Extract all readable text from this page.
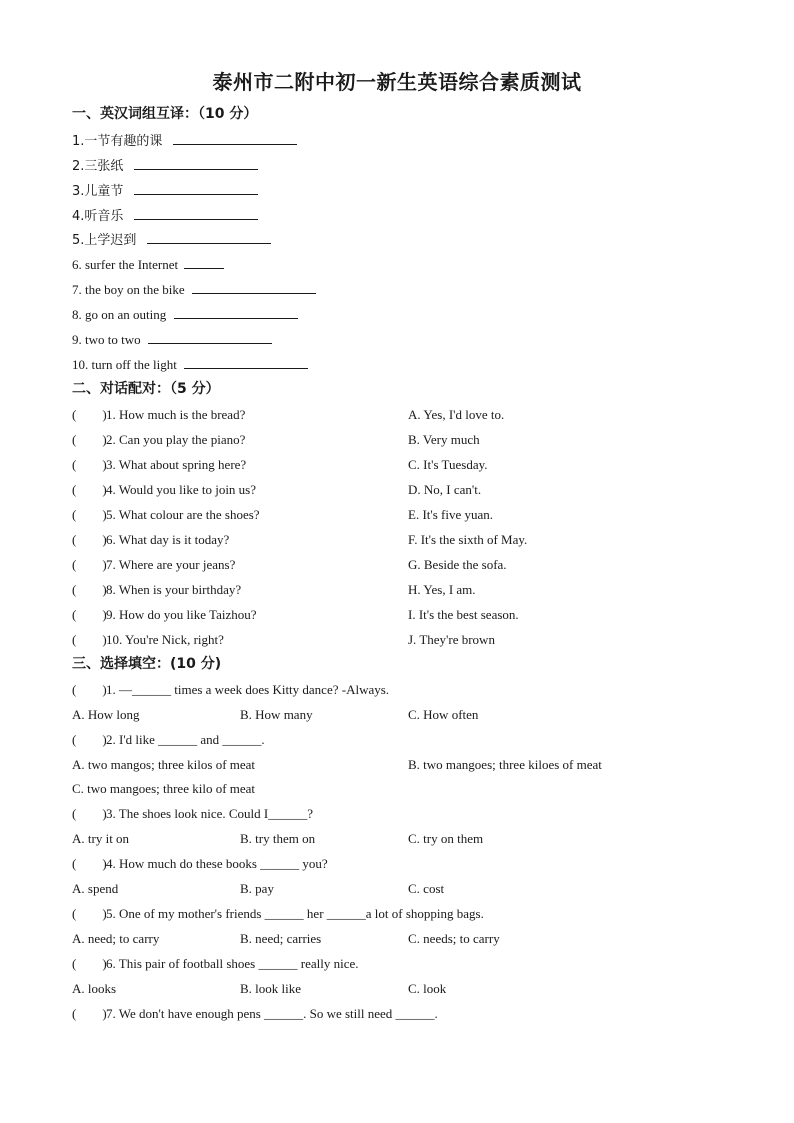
泰州市二附中初一新生英语综合素质测试
一、英汉词组互译：（10 分）
1.一节有趣的课
2.三张纸
3.儿童节
4.听音乐
5.上学迟到
6. surfer the Internet
7. the boy on the bike
8. go on an outing
9. two to two
10. turn off the light
二、对话配对：（5 分）
(        )1. How much is the bread?	A. Yes, I'd love to.
(        )2. Can you play the piano?	B. Very much
(        )3. What about spring here?	C. It's Tuesday.
(        )4. Would you like to join us?	D. No, I can't.
(        )5. What colour are the shoes?	E. It's five yuan.
(        )6. What day is it today?	F. It's the sixth of May.
(        )7. Where are your jeans?	G. Beside the sofa.
(        )8. When is your birthday?	H. Yes, I am.
(        )9. How do you like Taizhou?	I. It's the best season.
(        )10. You're Nick, right?	J. They're brown
三、选择填空：(10 分)
(        )1. —______ times a week does Kitty dance? -Always.
A. How long	B. How many	C. How often
(        )2. I'd like ______ and ______.
A. two mangos; three kilos of meat	B. two mangoes; three kiloes of meat
C. two mangoes; three kilo of meat
(        )3. The shoes look nice. Could I______?
A. try it on	B. try them on	C. try on them
(        )4. How much do these books ______ you?
A. spend	B. pay	C. cost
(        )5. One of my mother's friends ______ her ______a lot of shopping bags.
A. need; to carry	B. need; carries	C. needs; to carry
(        )6. This pair of football shoes ______ really nice.
A. looks	B. look like	C. look
(        )7. We don't have enough pens ______. So we still need ______.
